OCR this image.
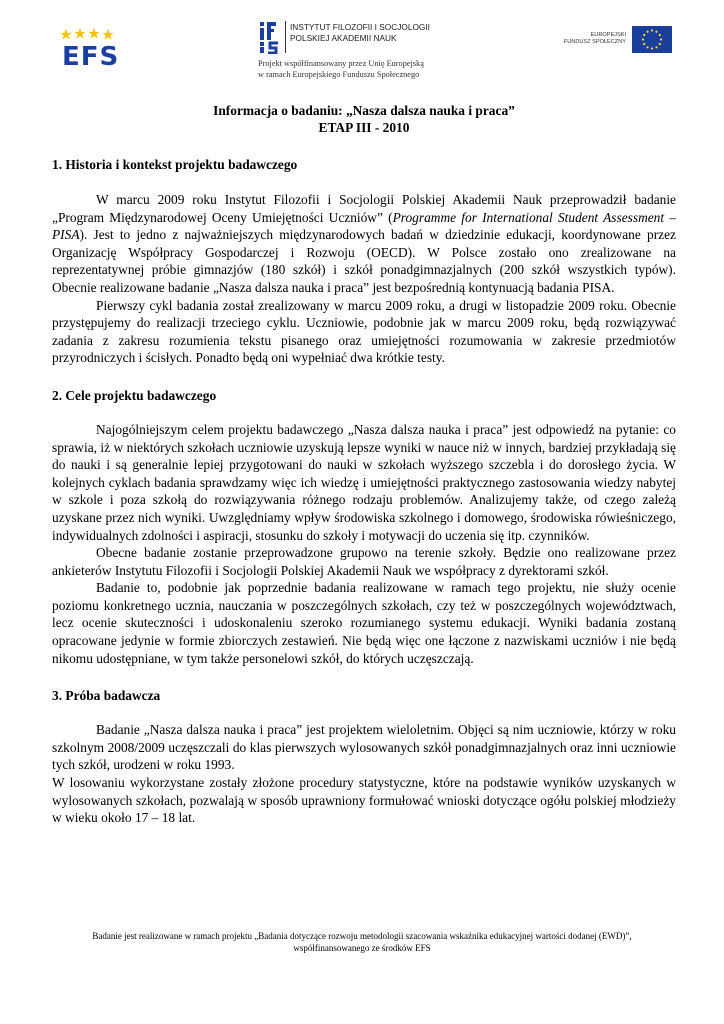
EFS
INSTYTUT FILOZOFII I SOCJOLOGII
POLSKIEJ AKADEMII NAUK
Projekt współfinansowany przez Unię Europejską
w ramach Europejskiego Funduszu Społecznego
EUROPEJSKI
FUNDUSZ SPOŁECZNY
Informacja o badaniu: „Nasza dalsza nauka i praca”
ETAP III - 2010
1. Historia i kontekst projektu badawczego

W marcu 2009 roku Instytut Filozofii i Socjologii Polskiej Akademii Nauk przeprowadził badanie „Program Międzynarodowej Oceny Umiejętności Uczniów” (Programme for International Student Assessment – PISA). Jest to jedno z najważniejszych międzynarodowych badań w dziedzinie edukacji, koordynowane przez Organizację Współpracy Gospodarczej i Rozwoju (OECD). W Polsce zostało ono zrealizowane na reprezentatywnej próbie gimnazjów (180 szkół) i szkół ponadgimnazjalnych (200 szkół wszystkich typów). Obecnie realizowane badanie „Nasza dalsza nauka i praca” jest bezpośrednią kontynuacją badania PISA.

Pierwszy cykl badania został zrealizowany w marcu 2009 roku, a drugi w listopadzie 2009 roku. Obecnie przystępujemy do realizacji trzeciego cyklu. Uczniowie, podobnie jak w marcu 2009 roku, będą rozwiązywać zadania z zakresu rozumienia tekstu pisanego oraz umiejętności rozumowania w zakresie przedmiotów przyrodniczych i ścisłych. Ponadto będą oni wypełniać dwa krótkie testy.

2. Cele projektu badawczego

Najogólniejszym celem projektu badawczego „Nasza dalsza nauka i praca” jest odpowiedź na pytanie: co sprawia, iż w niektórych szkołach uczniowie uzyskują lepsze wyniki w nauce niż w innych, bardziej przykładają się do nauki i są generalnie lepiej przygotowani do nauki w szkołach wyższego szczebla i do dorosłego życia. W kolejnych cyklach badania sprawdzamy więc ich wiedzę i umiejętności praktycznego zastosowania wiedzy nabytej w szkole i poza szkołą do rozwiązywania różnego rodzaju problemów. Analizujemy także, od czego zależą uzyskane przez nich wyniki. Uwzględniamy wpływ środowiska szkolnego i domowego, środowiska rówieśniczego, indywidualnych zdolności i aspiracji, stosunku do szkoły i motywacji do uczenia się itp. czynników.

Obecne badanie zostanie przeprowadzone grupowo na terenie szkoły. Będzie ono realizowane przez ankieterów Instytutu Filozofii i Socjologii Polskiej Akademii Nauk we współpracy z dyrektorami szkół.

Badanie to, podobnie jak poprzednie badania realizowane w ramach tego projektu, nie służy ocenie poziomu konkretnego ucznia, nauczania w poszczególnych szkołach, czy też w poszczególnych województwach, lecz ocenie skuteczności i udoskonaleniu szeroko rozumianego systemu edukacji. Wyniki badania zostaną opracowane jedynie w formie zbiorczych zestawień. Nie będą więc one łączone z nazwiskami uczniów i nie będą nikomu udostępniane, w tym także personelowi szkół, do których uczęszczają.

3. Próba badawcza

Badanie „Nasza dalsza nauka i praca” jest projektem wieloletnim. Objęci są nim uczniowie, którzy w roku szkolnym 2008/2009 uczęszczali do klas pierwszych wylosowanych szkół ponadgimnazjalnych oraz inni uczniowie tych szkół, urodzeni w roku 1993.

W losowaniu wykorzystane zostały złożone procedury statystyczne, które na podstawie wyników uzyskanych w wylosowanych szkołach, pozwalają w sposób uprawniony formułować wnioski dotyczące ogółu polskiej młodzieży w wieku około 17 – 18 lat.

Badanie jest realizowane w ramach projektu „Badania dotyczące rozwoju metodologii szacowania wskaźnika edukacyjnej wartości dodanej (EWD)”,
współfinansowanego ze środków EFS
